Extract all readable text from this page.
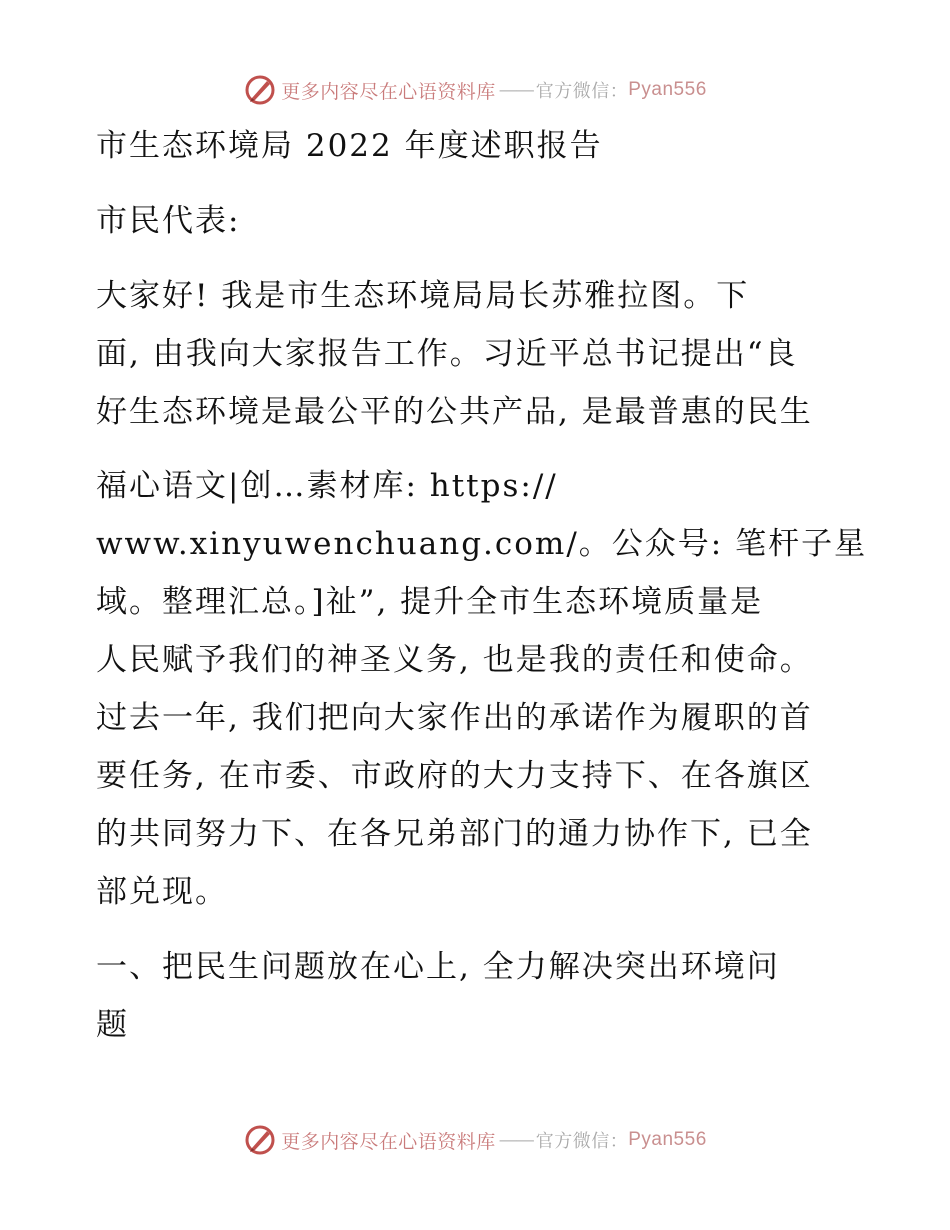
更多内容尽在心语资料库 —— 官方微信： Pyan556
市生态环境局 2022 年度述职报告
市民代表:
大家好! 我是市生态环境局局长苏雅拉图。下
面, 由我向大家报告工作。习近平总书记提出“良
好生态环境是最公平的公共产品, 是最普惠的民生
福心语文|创…素材库: https://
www.xinyuwenchuang.com/。公众号: 笔杆子星
域。整理汇总。]祉”, 提升全市生态环境质量是
人民赋予我们的神圣义务, 也是我的责任和使命。
过去一年, 我们把向大家作出的承诺作为履职的首
要任务, 在市委、市政府的大力支持下、在各旗区
的共同努力下、在各兄弟部门的通力协作下, 已全
部兑现。
一、把民生问题放在心上, 全力解决突出环境问
题
更多内容尽在心语资料库 —— 官方微信： Pyan556
